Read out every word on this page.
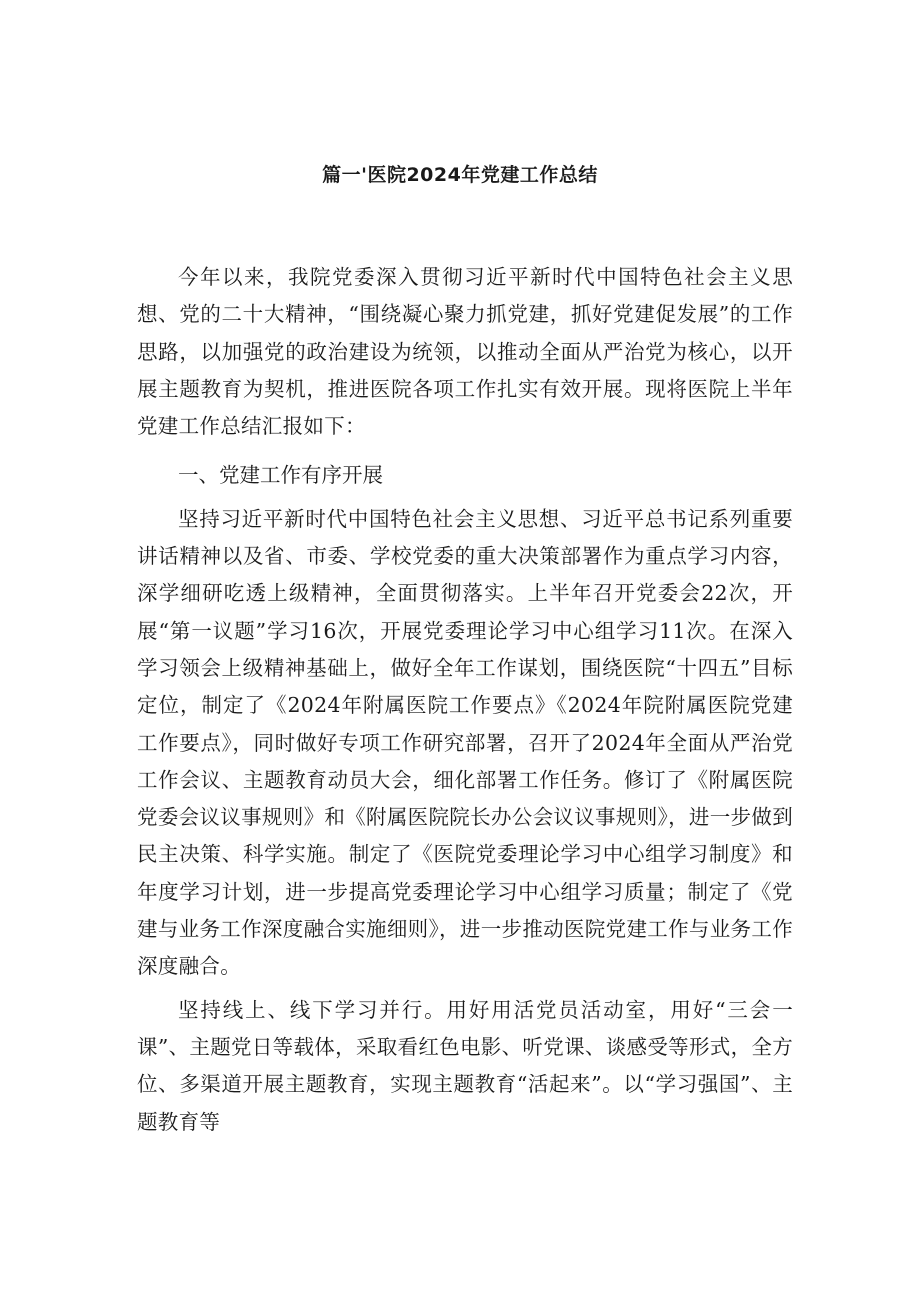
篇一'医院2024年党建工作总结

今年以来，我院党委深入贯彻习近平新时代中国特色社会主义思想、党的二十大精神，“围绕凝心聚力抓党建，抓好党建促发展”的工作思路，以加强党的政治建设为统领，以推动全面从严治党为核心，以开展主题教育为契机，推进医院各项工作扎实有效开展。现将医院上半年党建工作总结汇报如下：

一、党建工作有序开展

坚持习近平新时代中国特色社会主义思想、习近平总书记系列重要讲话精神以及省、市委、学校党委的重大决策部署作为重点学习内容，深学细研吃透上级精神，全面贯彻落实。上半年召开党委会22次，开展“第一议题”学习16次，开展党委理论学习中心组学习11次。在深入学习领会上级精神基础上，做好全年工作谋划，围绕医院“十四五”目标定位，制定了《2024年附属医院工作要点》《2024年院附属医院党建工作要点》，同时做好专项工作研究部署，召开了2024年全面从严治党工作会议、主题教育动员大会，细化部署工作任务。修订了《附属医院党委会议议事规则》和《附属医院院长办公会议议事规则》，进一步做到民主决策、科学实施。制定了《医院党委理论学习中心组学习制度》和年度学习计划，进一步提高党委理论学习中心组学习质量；制定了《党建与业务工作深度融合实施细则》，进一步推动医院党建工作与业务工作深度融合。

坚持线上、线下学习并行。用好用活党员活动室，用好“三会一课”、主题党日等载体，采取看红色电影、听党课、谈感受等形式，全方位、多渠道开展主题教育，实现主题教育“活起来”。以“学习强国”、主题教育等
